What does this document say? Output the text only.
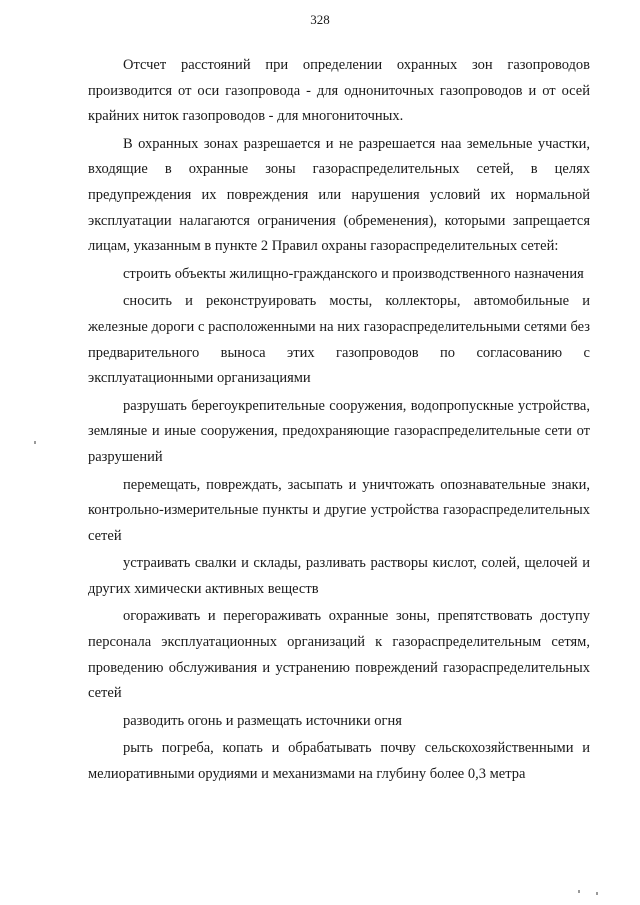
328

Отсчет расстояний при определении охранных зон газопроводов производится от оси газопровода - для однониточных газопроводов и от осей крайних ниток газопроводов - для многониточных.

В охранных зонах разрешается и не разрешается наа земельные участки, входящие в охранные зоны газораспределительных сетей, в целях предупреждения их повреждения или нарушения условий их нормальной эксплуатации налагаются ограничения (обременения), которыми запрещается лицам, указанным в пункте 2 Правил охраны газораспределительных сетей:

строить объекты жилищно-гражданского и производственного назначения

сносить и реконструировать мосты, коллекторы, автомобильные и железные дороги с расположенными на них газораспределительными сетями без предварительного выноса этих газопроводов по согласованию с эксплуатационными организациями

разрушать берегоукрепительные сооружения, водопропускные устройства, земляные и иные сооружения, предохраняющие газораспределительные сети от разрушений

перемещать, повреждать, засыпать и уничтожать опознавательные знаки, контрольно-измерительные пункты и другие устройства газораспределительных сетей

устраивать свалки и склады, разливать растворы кислот, солей, щелочей и других химически активных веществ

огораживать и перегораживать охранные зоны, препятствовать доступу персонала эксплуатационных организаций к газораспределительным сетям, проведению обслуживания и устранению повреждений газораспределительных сетей

разводить огонь и размещать источники огня

рыть погреба, копать и обрабатывать почву сельскохозяйственными и мелиоративными орудиями и механизмами на глубину более 0,3 метра
